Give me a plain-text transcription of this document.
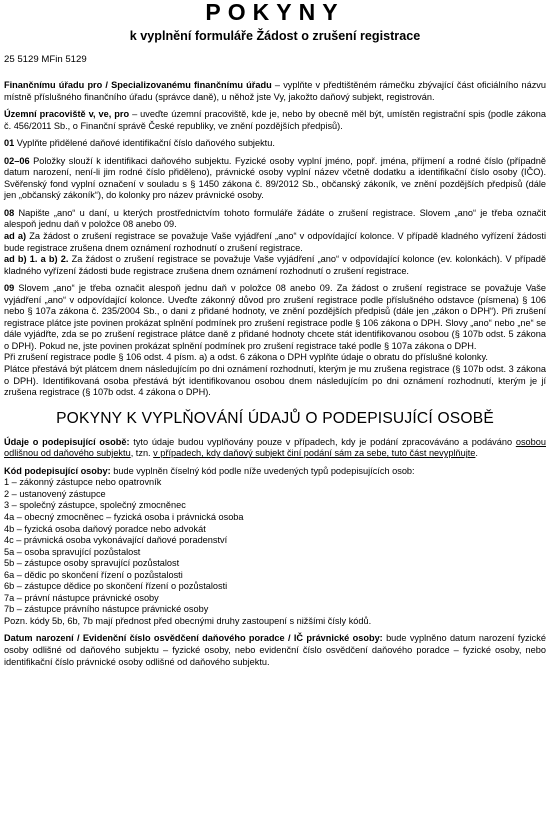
POKYNY
k vyplnění formuláře Žádost o zrušení registrace
25 5129 MFin 5129

Finančnímu úřadu pro / Specializovanému finančnímu úřadu – vyplňte v předtištěném rámečku zbývající část oficiálního názvu místně příslušného finančního úřadu (správce daně), u něhož jste Vy, jakožto daňový subjekt, registrován.

Územní pracoviště v, ve, pro – uveďte územní pracoviště, kde je, nebo by obecně měl být, umístěn registrační spis (podle zákona č. 456/2011 Sb., o Finanční správě České republiky, ve znění pozdějších předpisů).

01 Vyplňte přidělené daňové identifikační číslo daňového subjektu.

02–06 Položky slouží k identifikaci daňového subjektu. Fyzické osoby vyplní jméno, popř. jména, příjmení a rodné číslo (případně datum narození, není-li jim rodné číslo přiděleno), právnické osoby vyplní název včetně dodatku a identifikační číslo osoby (IČO). Svěřenský fond vyplní označení v souladu s § 1450 zákona č. 89/2012 Sb., občanský zákoník, ve znění pozdějších předpisů (dále jen „občanský zákoník“), do kolonky pro název právnické osoby.

08 Napište „ano“ u daní, u kterých prostřednictvím tohoto formuláře žádáte o zrušení registrace. Slovem „ano“ je třeba označit alespoň jednu daň v položce 08 anebo 09.

ad a) Za žádost o zrušení registrace se považuje Vaše vyjádření „ano“ v odpovídající kolonce. V případě kladného vyřízení žádosti bude registrace zrušena dnem oznámení rozhodnutí o zrušení registrace.

ad b) 1. a b) 2. Za žádost o zrušení registrace se považuje Vaše vyjádření „ano“ v odpovídající kolonce (ev. kolonkách). V případě kladného vyřízení žádosti bude registrace zrušena dnem oznámení rozhodnutí o zrušení registrace.

09 Slovem „ano“ je třeba označit alespoň jednu daň v položce 08 anebo 09. Za žádost o zrušení registrace se považuje Vaše vyjádření „ano“ v odpovídající kolonce. Uveďte zákonný důvod pro zrušení registrace podle příslušného odstavce (písmena) § 106 nebo § 107a zákona č. 235/2004 Sb., o dani z přidané hodnoty, ve znění pozdějších předpisů (dále jen „zákon o DPH“). Při zrušení registrace plátce jste povinen prokázat splnění podmínek pro zrušení registrace podle § 106 zákona o DPH. Slovy „ano“ nebo „ne“ se dále vyjádřte, zda se po zrušení registrace plátce daně z přidané hodnoty chcete stát identifikovanou osobou (§ 107b odst. 5 zákona o DPH). Pokud ne, jste povinen prokázat splnění podmínek pro zrušení registrace také podle § 107a zákona o DPH.

Při zrušení registrace podle § 106 odst. 4 písm. a) a odst. 6 zákona o DPH vyplňte údaje o obratu do příslušné kolonky.

Plátce přestává být plátcem dnem následujícím po dni oznámení rozhodnutí, kterým je mu zrušena registrace (§ 107b odst. 3 zákona o DPH). Identifikovaná osoba přestává být identifikovanou osobou dnem následujícím po dni oznámení rozhodnutí, kterým je jí zrušena registrace (§ 107b odst. 4 zákona o DPH).

POKYNY K VYPLŇOVÁNÍ ÚDAJŮ O PODEPISUJÍCÍ OSOBĚ

Údaje o podepisující osobě: tyto údaje budou vyplňovány pouze v případech, kdy je podání zpracováváno a podáváno osobou odlišnou od daňového subjektu, tzn. v případech, kdy daňový subjekt činí podání sám za sebe, tuto část nevyplňujte.

Kód podepisující osoby: bude vyplněn číselný kód podle níže uvedených typů podepisujících osob:

1 – zákonný zástupce nebo opatrovník
2 – ustanovený zástupce
3 – společný zástupce, společný zmocněnec
4a – obecný zmocněnec – fyzická osoba i právnická osoba
4b – fyzická osoba daňový poradce nebo advokát
4c – právnická osoba vykonávající daňové poradenství
5a – osoba spravující pozůstalost
5b – zástupce osoby spravující pozůstalost
6a – dědic po skončení řízení o pozůstalosti
6b – zástupce dědice po skončení řízení o pozůstalosti
7a – právní nástupce právnické osoby
7b – zástupce právního nástupce právnické osoby
Pozn. kódy 5b, 6b, 7b mají přednost před obecnými druhy zastoupení s nižšími čísly kódů.

Datum narození / Evidenční číslo osvědčení daňového poradce / IČ právnické osoby: bude vyplněno datum narození fyzické osoby odlišné od daňového subjektu – fyzické osoby, nebo evidenční číslo osvědčení daňového poradce – fyzické osoby, nebo identifikační číslo právnické osoby odlišné od daňového subjektu.
